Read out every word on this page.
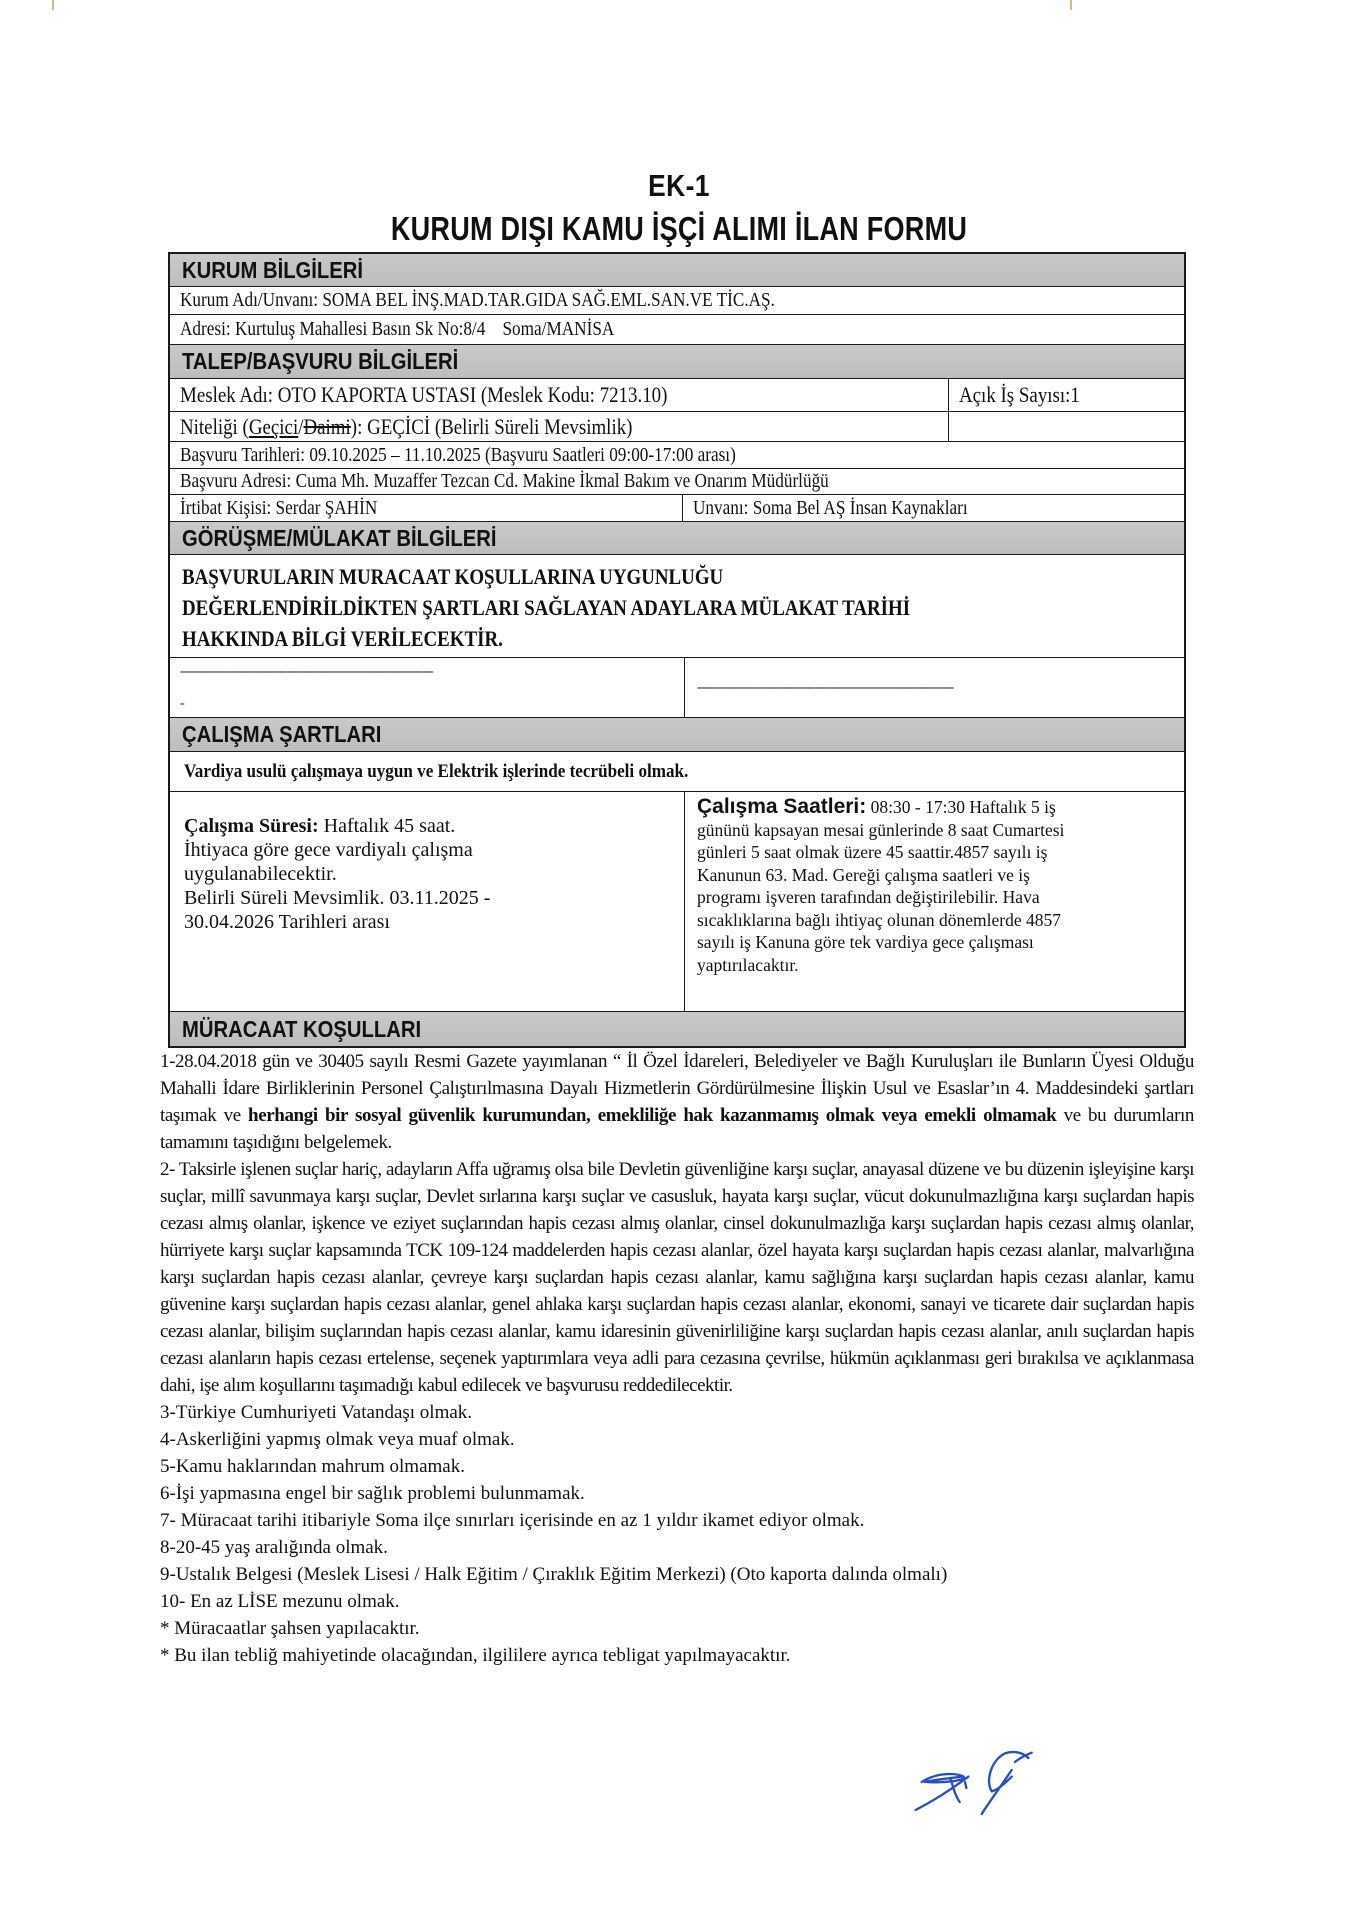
EK-1
KURUM DIŞI KAMU İŞÇİ ALIMI İLAN FORMU
KURUM BİLGİLERİ
Kurum Adı/Unvanı: SOMA BEL İNŞ.MAD.TAR.GIDA SAĞ.EML.SAN.VE TİC.AŞ.
Adresi: Kurtuluş Mahallesi Basın Sk No:8/4    Soma/MANİSA
TALEP/BAŞVURU BİLGİLERİ
Meslek Adı: OTO KAPORTA USTASI (Meslek Kodu: 7213.10)	Açık İş Sayısı:1
Niteliği (Geçici/Daimi): GEÇİCİ (Belirli Süreli Mevsimlik)
Başvuru Tarihleri: 09.10.2025 – 11.10.2025 (Başvuru Saatleri 09:00-17:00 arası)
Başvuru Adresi: Cuma Mh. Muzaffer Tezcan Cd. Makine İkmal Bakım ve Onarım Müdürlüğü
İrtibat Kişisi: Serdar ŞAHİN	Unvanı: Soma Bel AŞ İnsan Kaynakları
GÖRÜŞME/MÜLAKAT BİLGİLERİ
BAŞVURULARIN MURACAAT KOŞULLARINA UYGUNLUĞU
DEĞERLENDİRİLDİKTEN ŞARTLARI SAĞLAYAN ADAYLARA MÜLAKAT TARİHİ
HAKKINDA BİLGİ VERİLECEKTİR.
---------------------------------------------------------------------
-
----------------------------------------------------------------------
ÇALIŞMA ŞARTLARI
Vardiya usulü çalışmaya uygun ve Elektrik işlerinde tecrübeli olmak.
Çalışma Süresi: Haftalık 45 saat.
İhtiyaca göre gece vardiyalı çalışma
uygulanabilecektir.
Belirli Süreli Mevsimlik. 03.11.2025 -
30.04.2026 Tarihleri arası
Çalışma Saatleri: 08:30 - 17:30 Haftalık 5 iş
gününü kapsayan mesai günlerinde 8 saat Cumartesi
günleri 5 saat olmak üzere 45 saattir.4857 sayılı iş
Kanunun 63. Mad. Gereği çalışma saatleri ve iş
programı işveren tarafından değiştirilebilir. Hava
sıcaklıklarına bağlı ihtiyaç olunan dönemlerde 4857
sayılı iş Kanuna göre tek vardiya gece çalışması
yaptırılacaktır.
MÜRACAAT KOŞULLARI

1-28.04.2018 gün ve 30405 sayılı Resmi Gazete yayımlanan “ İl Özel İdareleri, Belediyeler ve Bağlı Kuruluşları ile Bunların Üyesi Olduğu Mahalli İdare Birliklerinin Personel Çalıştırılmasına Dayalı Hizmetlerin Gördürülmesine İlişkin Usul ve Esaslar’ın 4. Maddesindeki şartları taşımak ve herhangi bir sosyal güvenlik kurumundan, emekliliğe hak kazanmamış olmak veya emekli olmamak ve bu durumların tamamını taşıdığını belgelemek.

2- Taksirle işlenen suçlar hariç, adayların Affa uğramış olsa bile Devletin güvenliğine karşı suçlar, anayasal düzene ve bu düzenin işleyişine karşı suçlar, millî savunmaya karşı suçlar, Devlet sırlarına karşı suçlar ve casusluk, hayata karşı suçlar, vücut dokunulmazlığına karşı suçlardan hapis cezası almış olanlar, işkence ve eziyet suçlarından hapis cezası almış olanlar, cinsel dokunulmazlığa karşı suçlardan hapis cezası almış olanlar, hürriyete karşı suçlar kapsamında TCK 109-124 maddelerden hapis cezası alanlar, özel hayata karşı suçlardan hapis cezası alanlar, malvarlığına karşı suçlardan hapis cezası alanlar, çevreye karşı suçlardan hapis cezası alanlar, kamu sağlığına karşı suçlardan hapis cezası alanlar, kamu güvenine karşı suçlardan hapis cezası alanlar, genel ahlaka karşı suçlardan hapis cezası alanlar, ekonomi, sanayi ve ticarete dair suçlardan hapis cezası alanlar, bilişim suçlarından hapis cezası alanlar, kamu idaresinin güvenirliliğine karşı suçlardan hapis cezası alanlar, anılı suçlardan hapis cezası alanların hapis cezası ertelense, seçenek yaptırımlara veya adli para cezasına çevrilse, hükmün açıklanması geri bırakılsa ve açıklanmasa dahi, işe alım koşullarını taşımadığı kabul edilecek ve başvurusu reddedilecektir.

3-Türkiye Cumhuriyeti Vatandaşı olmak.

4-Askerliğini yapmış olmak veya muaf olmak.

5-Kamu haklarından mahrum olmamak.

6-İşi yapmasına engel bir sağlık problemi bulunmamak.

7- Müracaat tarihi itibariyle Soma ilçe sınırları içerisinde en az 1 yıldır ikamet ediyor olmak.

8-20-45 yaş aralığında olmak.

9-Ustalık Belgesi (Meslek Lisesi / Halk Eğitim / Çıraklık Eğitim Merkezi) (Oto kaporta dalında olmalı)

10- En az LİSE mezunu olmak.

* Müracaatlar şahsen yapılacaktır.

* Bu ilan tebliğ mahiyetinde olacağından, ilgililere ayrıca tebligat yapılmayacaktır.
